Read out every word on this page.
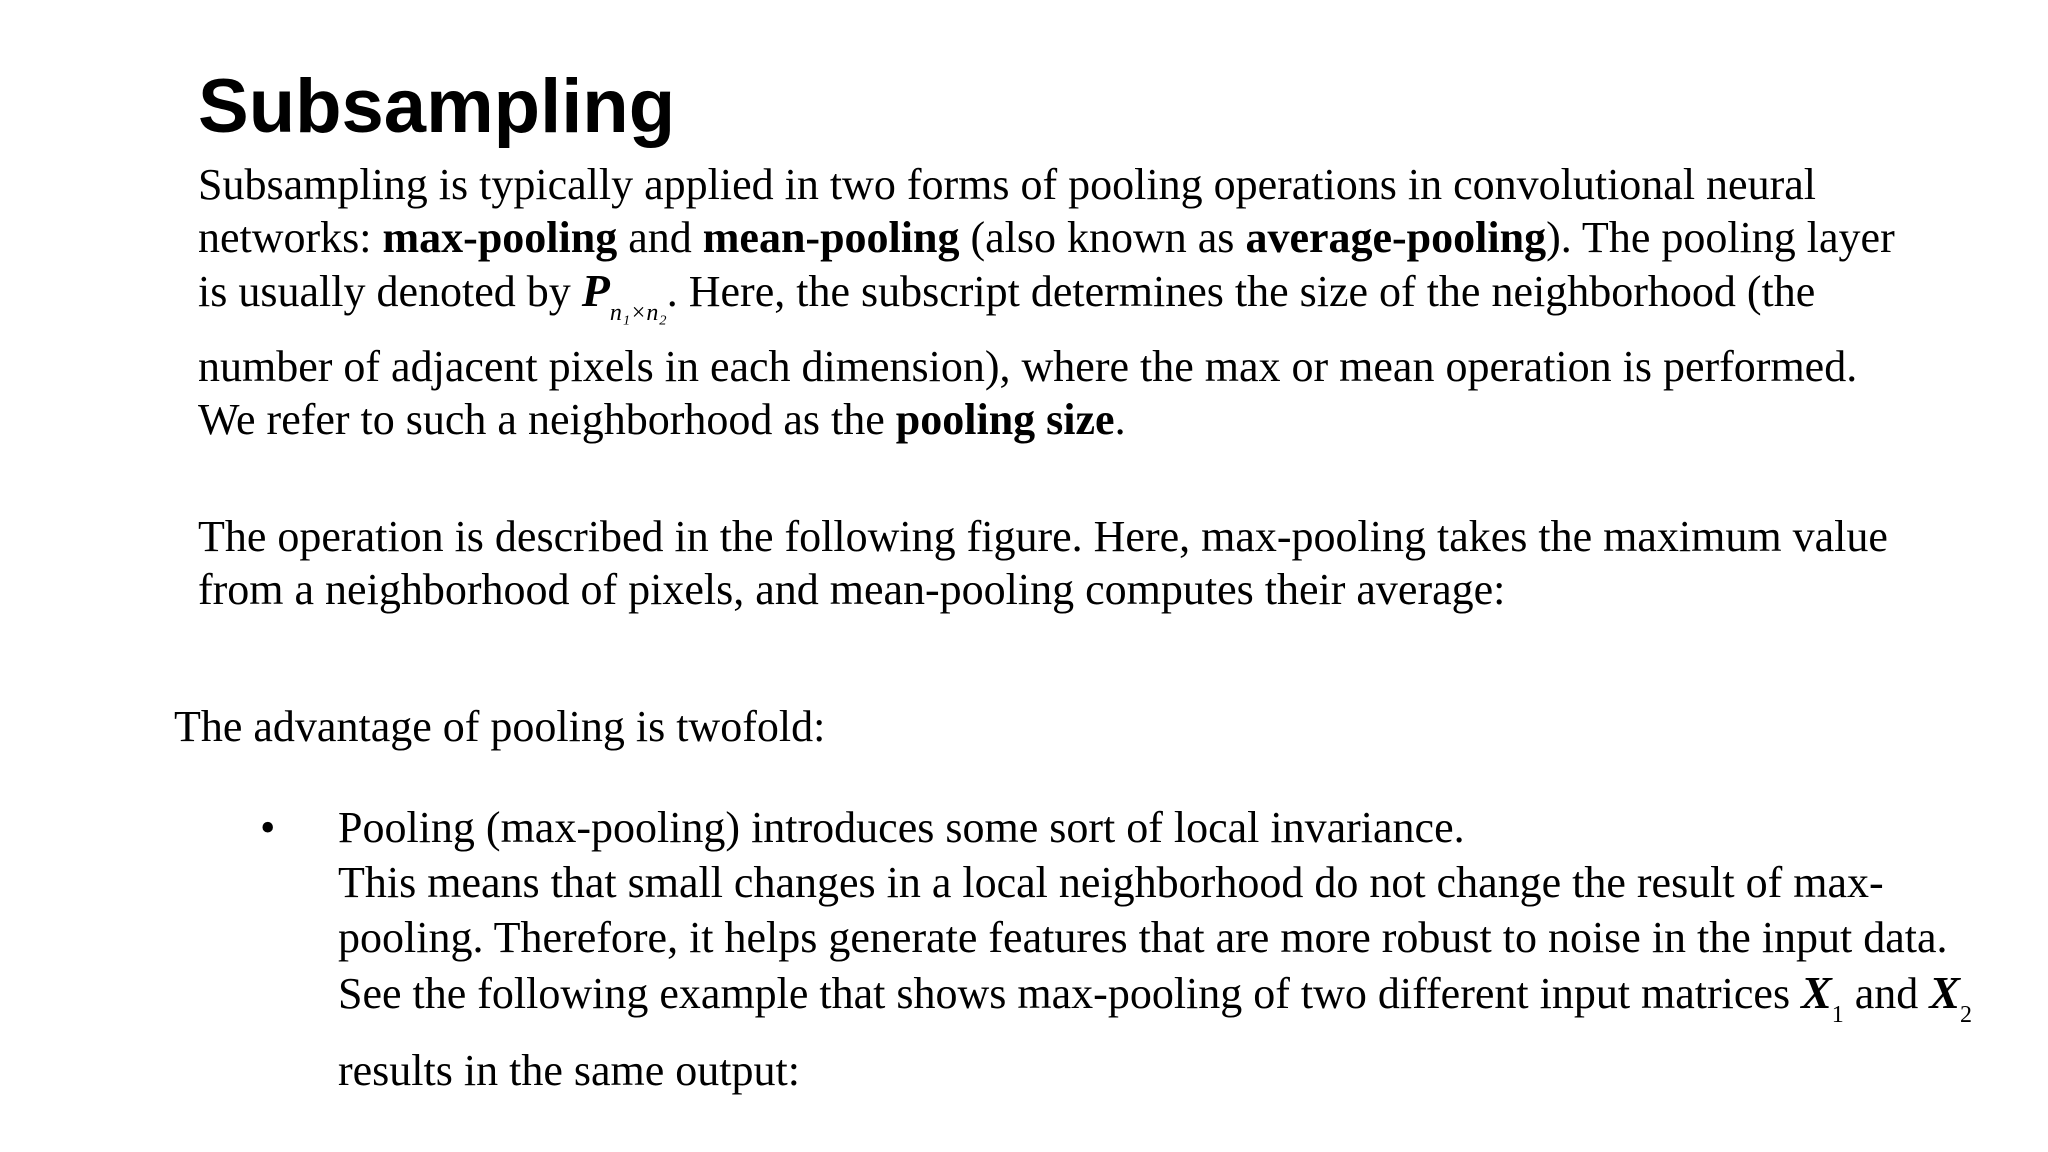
Subsampling

Subsampling is typically applied in two forms of pooling operations in convolutional neural networks: max-pooling and mean-pooling (also known as average-pooling). The pooling layer is usually denoted by $P_{n_1\times n_2}$. Here, the subscript determines the size of the neighborhood (the number of adjacent pixels in each dimension), where the max or mean operation is performed. We refer to such a neighborhood as the pooling size.

The operation is described in the following figure. Here, max-pooling takes the maximum value from a neighborhood of pixels, and mean-pooling computes their average:

The advantage of pooling is twofold:

• Pooling (max-pooling) introduces some sort of local invariance.
This means that small changes in a local neighborhood do not change the result of max-pooling. Therefore, it helps generate features that are more robust to noise in the input data. See the following example that shows max-pooling of two different input matrices $X_1$ and $X_2$ results in the same output:
